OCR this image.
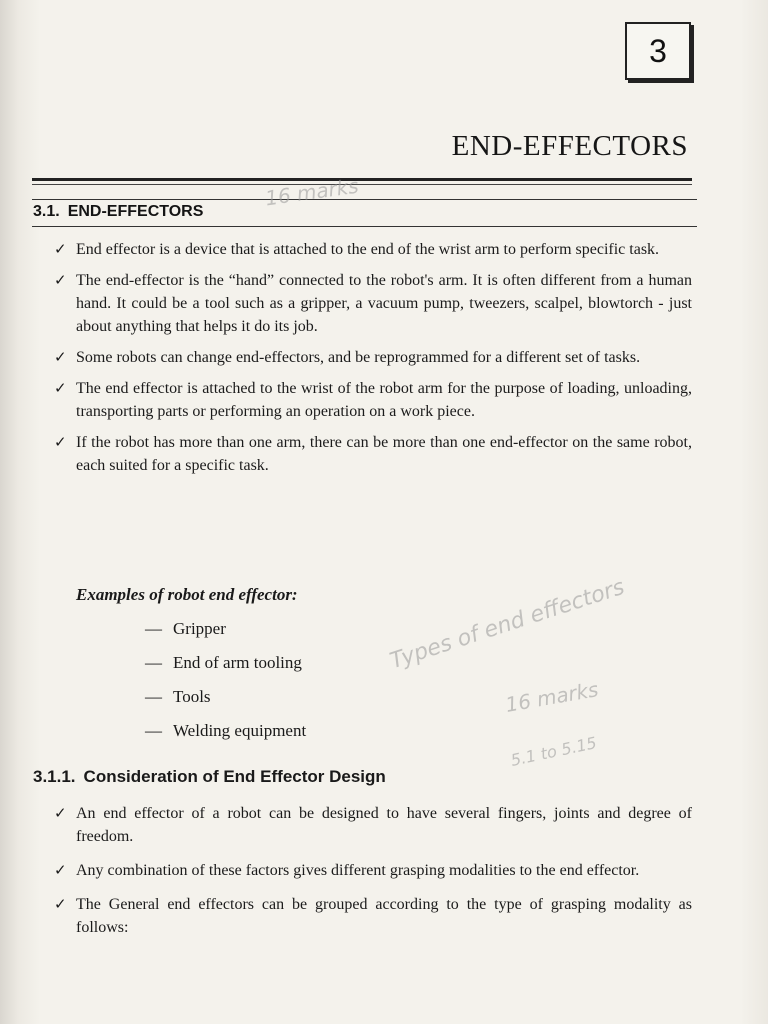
3
END-EFFECTORS
3.1. END-EFFECTORS
✓ End effector is a device that is attached to the end of the wrist arm to perform specific task.
✓ The end-effector is the “hand” connected to the robot's arm. It is often different from a human hand. It could be a tool such as a gripper, a vacuum pump, tweezers, scalpel, blowtorch - just about anything that helps it do its job.
✓ Some robots can change end-effectors, and be reprogrammed for a different set of tasks.
✓ The end effector is attached to the wrist of the robot arm for the purpose of loading, unloading, transporting parts or performing an operation on a work piece.
✓ If the robot has more than one arm, there can be more than one end-effector on the same robot, each suited for a specific task.
Examples of robot end effector:
— Gripper
— End of arm tooling
— Tools
— Welding equipment
3.1.1. Consideration of End Effector Design
✓ An end effector of a robot can be designed to have several fingers, joints and degree of freedom.
✓ Any combination of these factors gives different grasping modalities to the end effector.
✓ The General end effectors can be grouped according to the type of grasping modality as follows:
16 marks
Types of end effectors
16 marks
5.1 to 5.15
